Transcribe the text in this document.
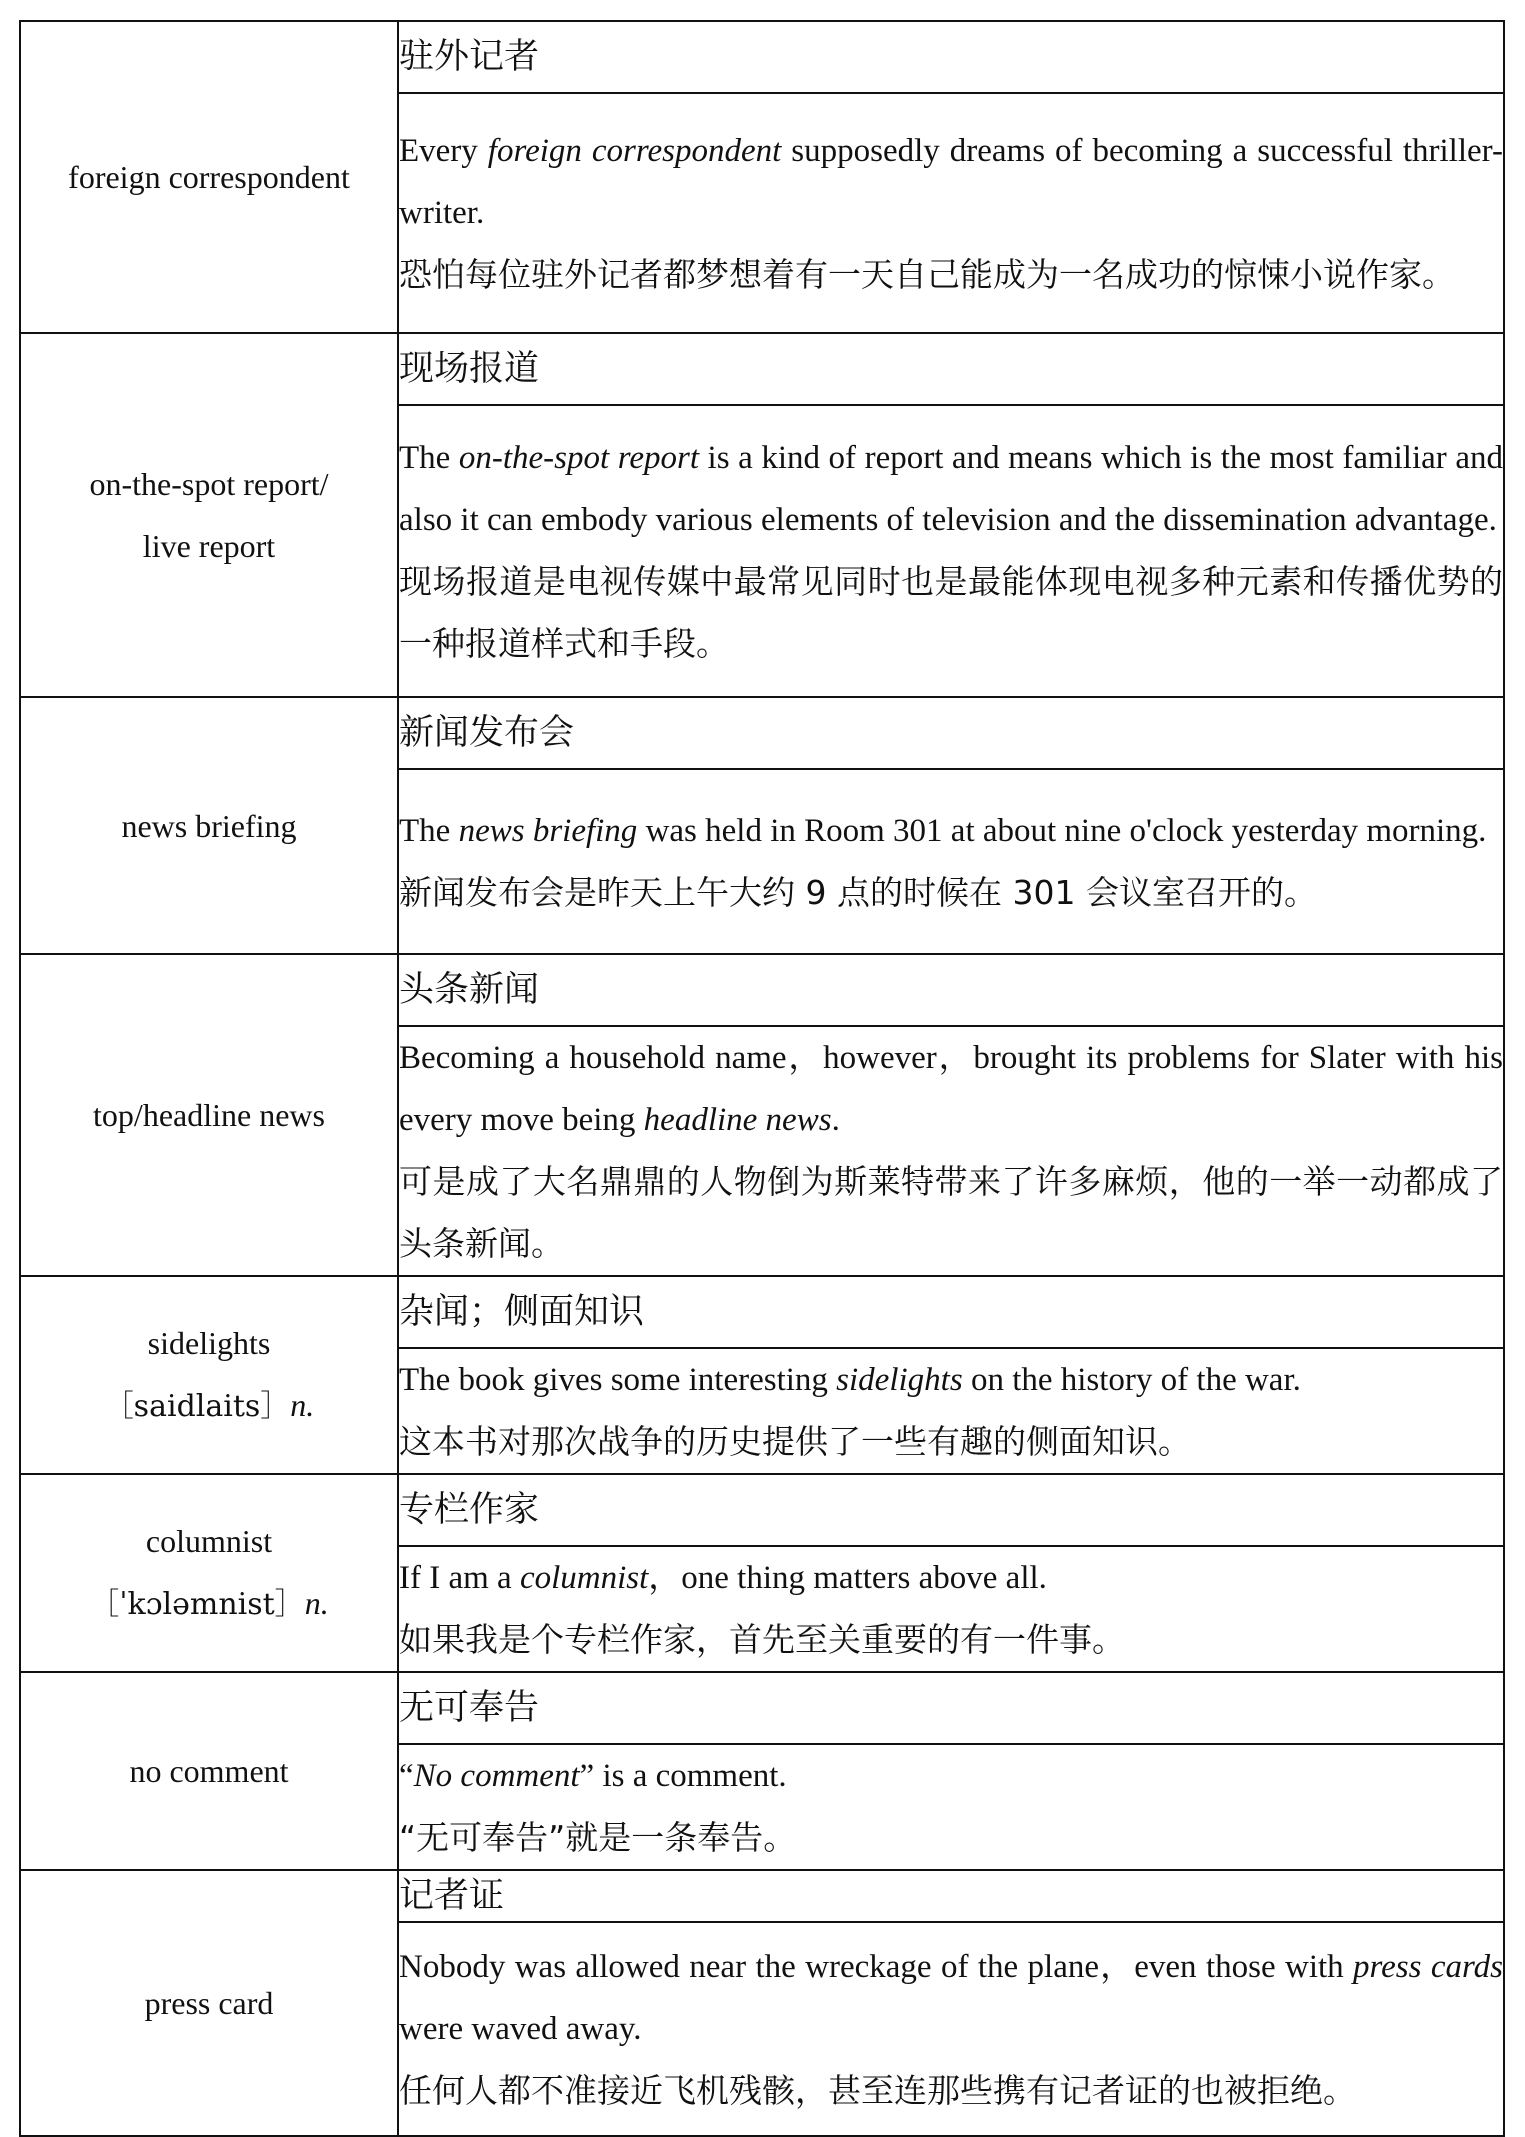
foreign correspondent	驻外记者

	Every foreign correspondent supposedly dreams of becoming a successful thriller-writer.
恐怕每位驻外记者都梦想着有一天自己能成为一名成功的惊悚小说作家。

on-the-spot report/
live report	现场报道

	The on-the-spot report is a kind of report and means which is the most familiar and also it can embody various elements of television and the dissemination advantage.
现场报道是电视传媒中最常见同时也是最能体现电视多种元素和传播优势的一种报道样式和手段。

news briefing	新闻发布会

	The news briefing was held in Room 301 at about nine o'clock yesterday morning.
新闻发布会是昨天上午大约 9 点的时候在 301 会议室召开的。

top/headline news	头条新闻

	Becoming a household name，however，brought its problems for Slater with his every move being headline news.
可是成了大名鼎鼎的人物倒为斯莱特带来了许多麻烦，他的一举一动都成了头条新闻。

sidelights
［saidlaits］n.	杂闻；侧面知识

	The book gives some interesting sidelights on the history of the war.
这本书对那次战争的历史提供了一些有趣的侧面知识。

columnist
［ˈkɔləmnist］n.	专栏作家

	If I am a columnist，one thing matters above all.
如果我是个专栏作家，首先至关重要的有一件事。

no comment	无可奉告

	“No comment” is a comment.
“无可奉告”就是一条奉告。

press card	记者证

	Nobody was allowed near the wreckage of the plane，even those with press cards were waved away.
任何人都不准接近飞机残骸，甚至连那些携有记者证的也被拒绝。
